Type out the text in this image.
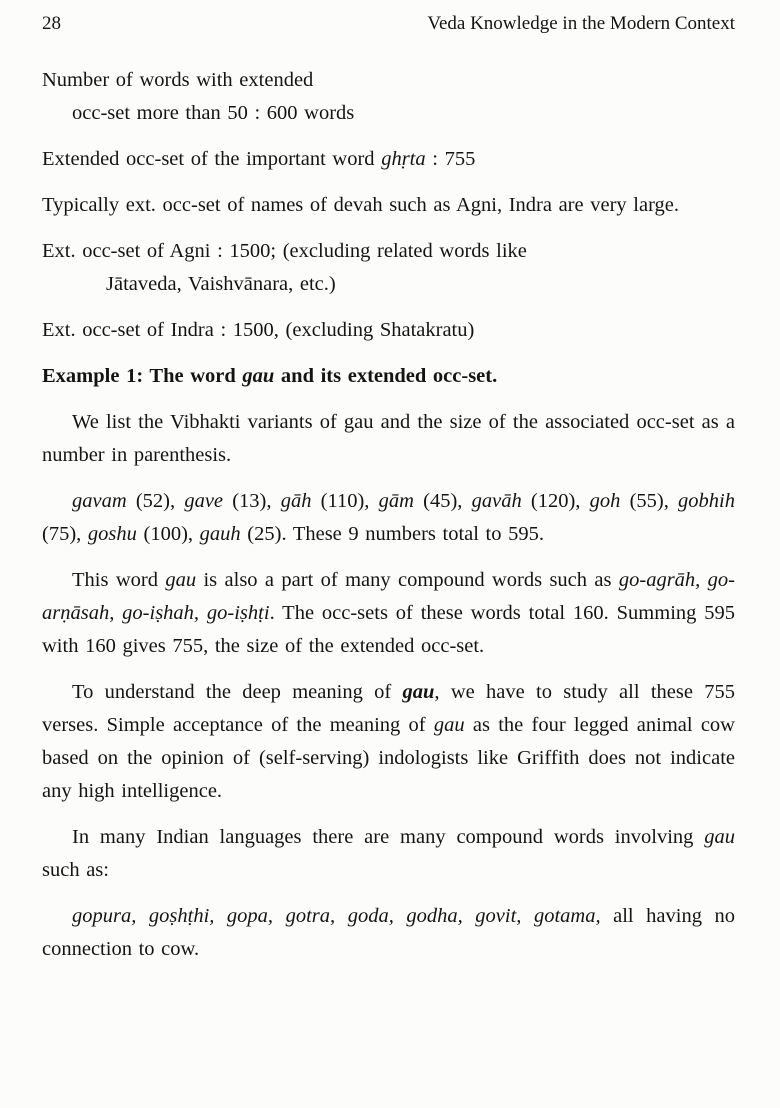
28	Veda Knowledge in the Modern Context

Number of words with extended

occ-set more than 50 : 600 words

Extended occ-set of the important word ghṛta : 755

Typically ext. occ-set of names of devah such as Agni, Indra are very large.

Ext. occ-set of Agni : 1500; (excluding related words like

Jātaveda, Vaishvānara, etc.)

Ext. occ-set of Indra : 1500, (excluding Shatakratu)

Example 1: The word gau and its extended occ-set.

We list the Vibhakti variants of gau and the size of the associated occ-set as a number in parenthesis.

gavam (52), gave (13), gāh (110), gām (45), gavāh (120), goh (55), gobhih (75), goshu (100), gauh (25). These 9 numbers total to 595.

This word gau is also a part of many compound words such as go-agrāh, go-arṇāsah, go-iṣhah, go-iṣhṭi. The occ-sets of these words total 160. Summing 595 with 160 gives 755, the size of the extended occ-set.

To understand the deep meaning of gau, we have to study all these 755 verses. Simple acceptance of the meaning of gau as the four legged animal cow based on the opinion of (self-serving) indologists like Griffith does not indicate any high intelligence.

In many Indian languages there are many compound words involving gau such as:

gopura, goṣhṭhi, gopa, gotra, goda, godha, govit, gotama, all having no connection to cow.
